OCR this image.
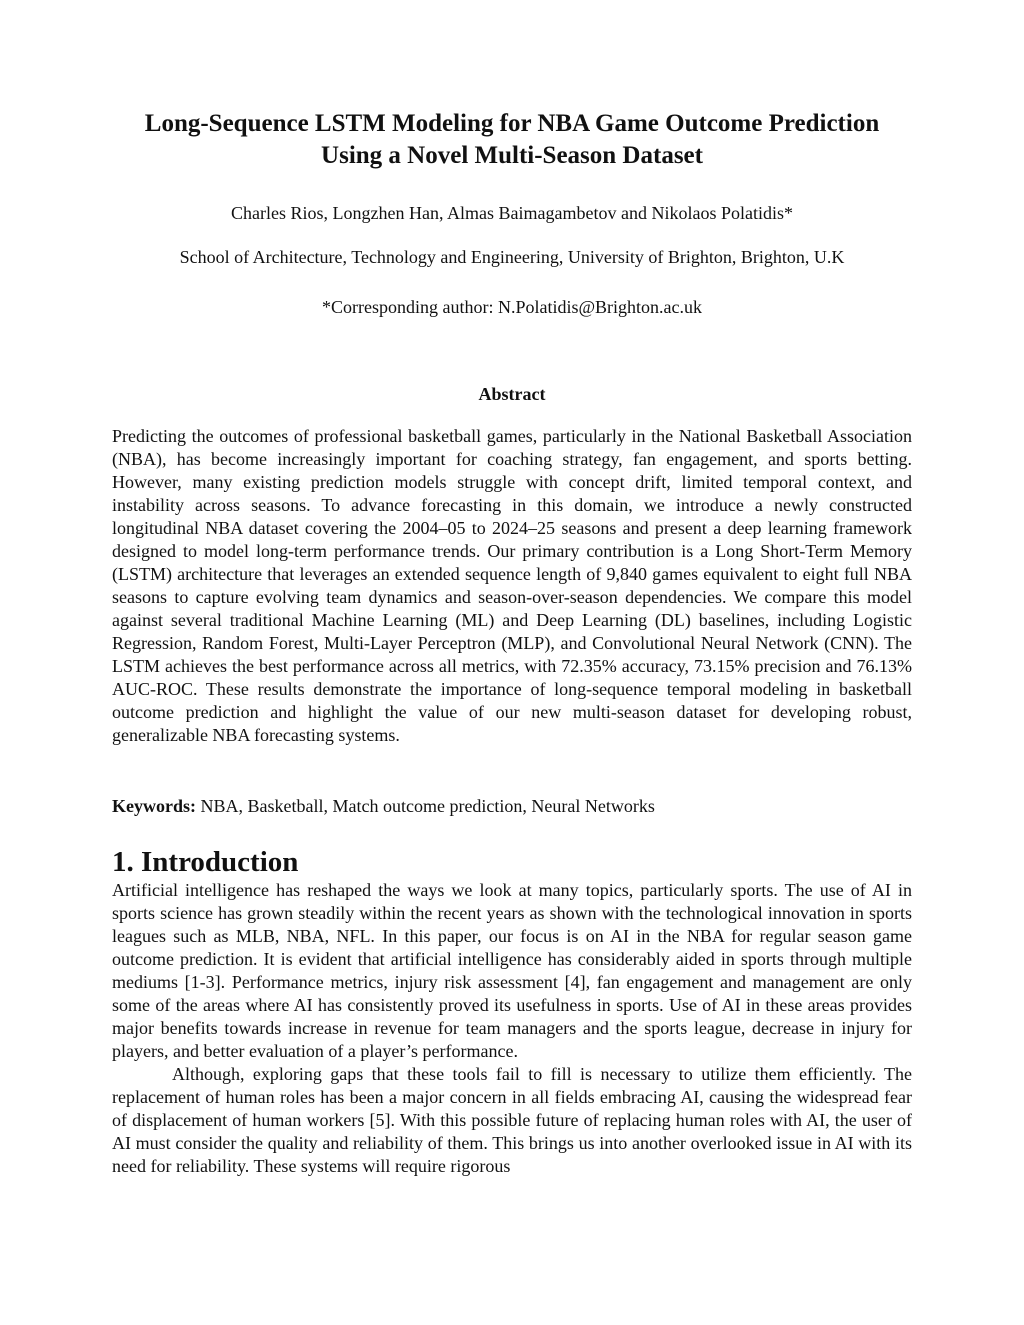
Long-Sequence LSTM Modeling for NBA Game Outcome Prediction
Using a Novel Multi-Season Dataset

Charles Rios, Longzhen Han, Almas Baimagambetov and Nikolaos Polatidis*

School of Architecture, Technology and Engineering, University of Brighton, Brighton, U.K

*Corresponding author: N.Polatidis@Brighton.ac.uk

Abstract

Predicting the outcomes of professional basketball games, particularly in the National Basketball Association (NBA), has become increasingly important for coaching strategy, fan engagement, and sports betting. However, many existing prediction models struggle with concept drift, limited temporal context, and instability across seasons. To advance forecasting in this domain, we introduce a newly constructed longitudinal NBA dataset covering the 2004–05 to 2024–25 seasons and present a deep learning framework designed to model long-term performance trends. Our primary contribution is a Long Short-Term Memory (LSTM) architecture that leverages an extended sequence length of 9,840 games equivalent to eight full NBA seasons to capture evolving team dynamics and season-over-season dependencies. We compare this model against several traditional Machine Learning (ML) and Deep Learning (DL) baselines, including Logistic Regression, Random Forest, Multi-Layer Perceptron (MLP), and Convolutional Neural Network (CNN). The LSTM achieves the best performance across all metrics, with 72.35% accuracy, 73.15% precision and 76.13% AUC-ROC. These results demonstrate the importance of long-sequence temporal modeling in basketball outcome prediction and highlight the value of our new multi-season dataset for developing robust, generalizable NBA forecasting systems.

Keywords: NBA, Basketball, Match outcome prediction, Neural Networks

1. Introduction

Artificial intelligence has reshaped the ways we look at many topics, particularly sports. The use of AI in sports science has grown steadily within the recent years as shown with the technological innovation in sports leagues such as MLB, NBA, NFL. In this paper, our focus is on AI in the NBA for regular season game outcome prediction. It is evident that artificial intelligence has considerably aided in sports through multiple mediums [1-3]. Performance metrics, injury risk assessment [4], fan engagement and management are only some of the areas where AI has consistently proved its usefulness in sports. Use of AI in these areas provides major benefits towards increase in revenue for team managers and the sports league, decrease in injury for players, and better evaluation of a player’s performance.

Although, exploring gaps that these tools fail to fill is necessary to utilize them efficiently. The replacement of human roles has been a major concern in all fields embracing AI, causing the widespread fear of displacement of human workers [5]. With this possible future of replacing human roles with AI, the user of AI must consider the quality and reliability of them. This brings us into another overlooked issue in AI with its need for reliability. These systems will require rigorous
